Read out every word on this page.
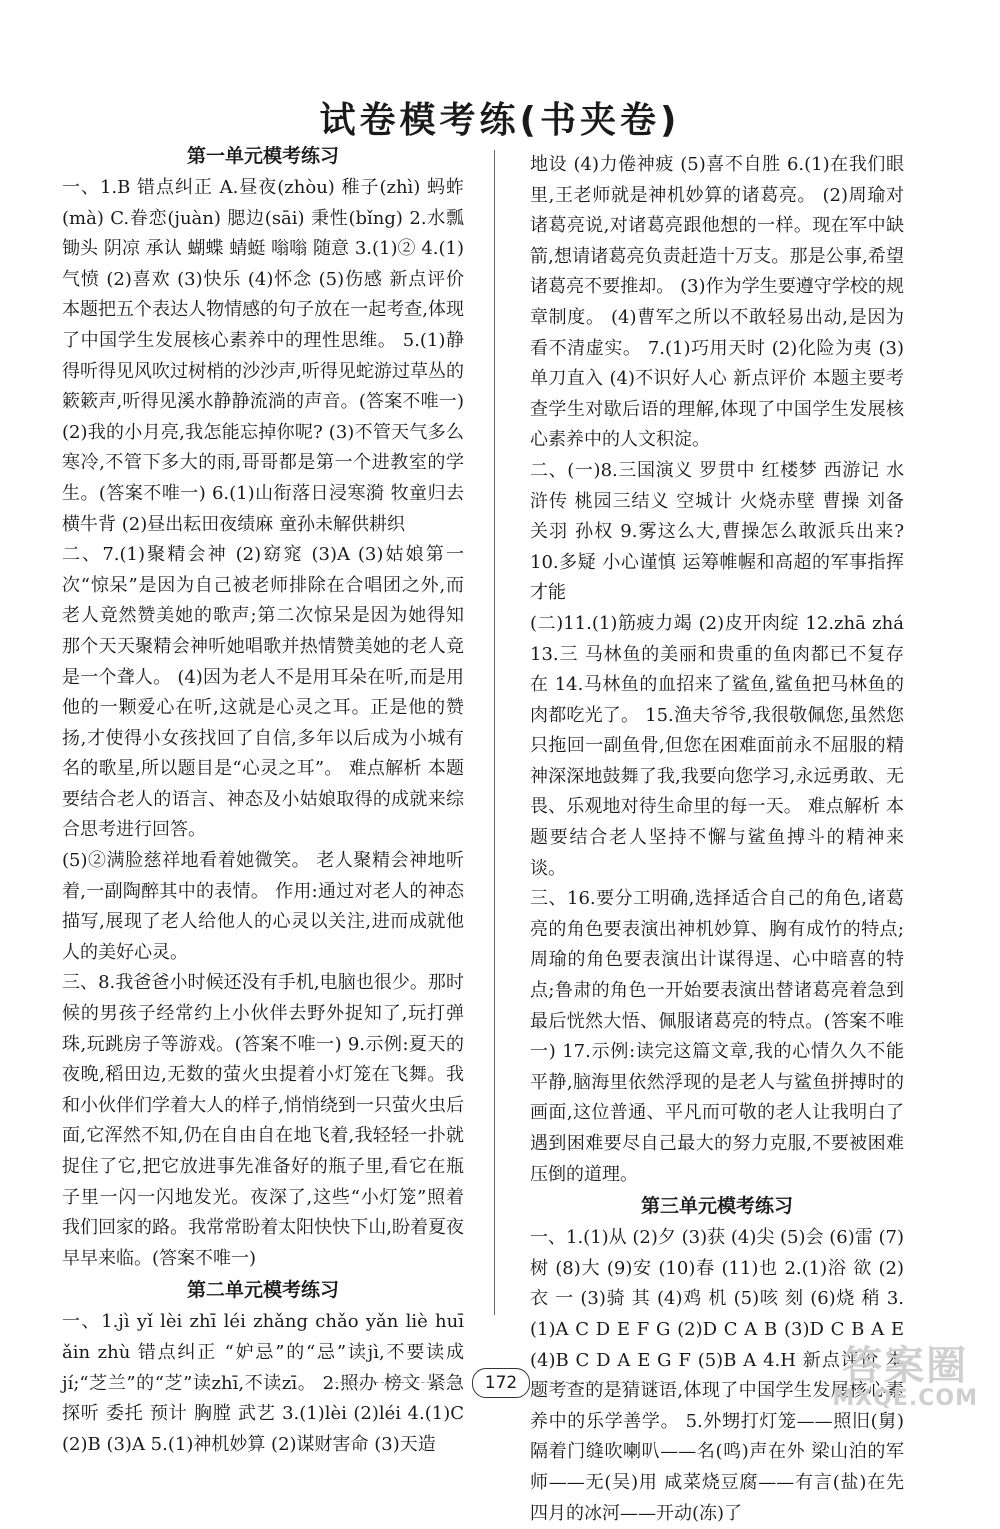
试卷模考练(书夹卷)
第一单元模考练习

一、1.B 错点纠正 A.昼夜(zhòu) 稚子(zhì) 蚂蚱(mà) C.眷恋(juàn) 腮边(sāi) 秉性(bǐng) 2.水瓢 锄头 阴凉 承认 蝴蝶 蜻蜓 嗡嗡 随意 3.(1)② 4.(1)气愤 (2)喜欢 (3)快乐 (4)怀念 (5)伤感 新点评价 本题把五个表达人物情感的句子放在一起考查,体现了中国学生发展核心素养中的理性思维。 5.(1)静得听得见风吹过树梢的沙沙声,听得见蛇游过草丛的簌簌声,听得见溪水静静流淌的声音。(答案不唯一) (2)我的小月亮,我怎能忘掉你呢? (3)不管天气多么寒冷,不管下多大的雨,哥哥都是第一个进教室的学生。(答案不唯一) 6.(1)山衔落日浸寒漪 牧童归去横牛背 (2)昼出耘田夜绩麻 童孙未解供耕织

二、7.(1)聚精会神 (2)窈窕 (3)A (3)姑娘第一次“惊呆”是因为自己被老师排除在合唱团之外,而老人竟然赞美她的歌声;第二次惊呆是因为她得知那个天天聚精会神听她唱歌并热情赞美她的老人竟是一个聋人。 (4)因为老人不是用耳朵在听,而是用他的一颗爱心在听,这就是心灵之耳。正是他的赞扬,才使得小女孩找回了自信,多年以后成为小城有名的歌星,所以题目是“心灵之耳”。 难点解析 本题要结合老人的语言、神态及小姑娘取得的成就来综合思考进行回答。

(5)②满脸慈祥地看着她微笑。 老人聚精会神地听着,一副陶醉其中的表情。 作用:通过对老人的神态描写,展现了老人给他人的心灵以关注,进而成就他人的美好心灵。

三、8.我爸爸小时候还没有手机,电脑也很少。那时候的男孩子经常约上小伙伴去野外捉知了,玩打弹珠,玩跳房子等游戏。(答案不唯一) 9.示例:夏天的夜晚,稻田边,无数的萤火虫提着小灯笼在飞舞。我和小伙伴们学着大人的样子,悄悄绕到一只萤火虫后面,它浑然不知,仍在自由自在地飞着,我轻轻一扑就捉住了它,把它放进事先准备好的瓶子里,看它在瓶子里一闪一闪地发光。夜深了,这些“小灯笼”照着我们回家的路。我常常盼着太阳快快下山,盼着夏夜早早来临。(答案不唯一)

第二单元模考练习

一、1.jì yǐ lèi zhī léi zhǎng chǎo yǎn liè huī ǎin zhù 错点纠正 “妒忌”的“忌”读jì,不要读成jí;“芝兰”的“芝”读zhī,不读zī。 2.照办 榜文 紧急 探听 委托 预计 胸膛 武艺 3.(1)lèi (2)léi 4.(1)C (2)B (3)A 5.(1)神机妙算 (2)谋财害命 (3)天造

地设 (4)力倦神疲 (5)喜不自胜 6.(1)在我们眼里,王老师就是神机妙算的诸葛亮。 (2)周瑜对诸葛亮说,对诸葛亮跟他想的一样。现在军中缺箭,想请诸葛亮负责赶造十万支。那是公事,希望诸葛亮不要推却。 (3)作为学生要遵守学校的规章制度。 (4)曹军之所以不敢轻易出动,是因为看不清虚实。 7.(1)巧用天时 (2)化险为夷 (3)单刀直入 (4)不识好人心 新点评价 本题主要考查学生对歇后语的理解,体现了中国学生发展核心素养中的人文积淀。

二、(一)8.三国演义 罗贯中 红楼梦 西游记 水浒传 桃园三结义 空城计 火烧赤壁 曹操 刘备 关羽 孙权 9.雾这么大,曹操怎么敢派兵出来? 10.多疑 小心谨慎 运筹帷幄和高超的军事指挥才能

(二)11.(1)筋疲力竭 (2)皮开肉绽 12.zhā zhá 13.三 马林鱼的美丽和贵重的鱼肉都已不复存在 14.马林鱼的血招来了鲨鱼,鲨鱼把马林鱼的肉都吃光了。 15.渔夫爷爷,我很敬佩您,虽然您只拖回一副鱼骨,但您在困难面前永不屈服的精神深深地鼓舞了我,我要向您学习,永远勇敢、无畏、乐观地对待生命里的每一天。 难点解析 本题要结合老人坚持不懈与鲨鱼搏斗的精神来谈。

三、16.要分工明确,选择适合自己的角色,诸葛亮的角色要表演出神机妙算、胸有成竹的特点;周瑜的角色要表演出计谋得逞、心中暗喜的特点;鲁肃的角色一开始要表演出替诸葛亮着急到最后恍然大悟、佩服诸葛亮的特点。(答案不唯一) 17.示例:读完这篇文章,我的心情久久不能平静,脑海里依然浮现的是老人与鲨鱼拼搏时的画面,这位普通、平凡而可敬的老人让我明白了遇到困难要尽自己最大的努力克服,不要被困难压倒的道理。

第三单元模考练习

一、1.(1)从 (2)夕 (3)获 (4)尖 (5)会 (6)雷 (7)树 (8)大 (9)安 (10)春 (11)也 2.(1)浴 欲 (2)衣 一 (3)骑 其 (4)鸡 机 (5)咳 刻 (6)烧 稍 3.(1)A C D E F G (2)D C A B (3)D C B A E (4)B C D A E G F (5)B A 4.H 新点评价 本题考查的是猜谜语,体现了中国学生发展核心素养中的乐学善学。 5.外甥打灯笼——照旧(舅) 隔着门缝吹喇叭——名(鸣)声在外 梁山泊的军师——无(吴)用 咸菜烧豆腐——有言(盐)在先 四月的冰河——开动(冻)了

172	答案圈
MXQE.COM
